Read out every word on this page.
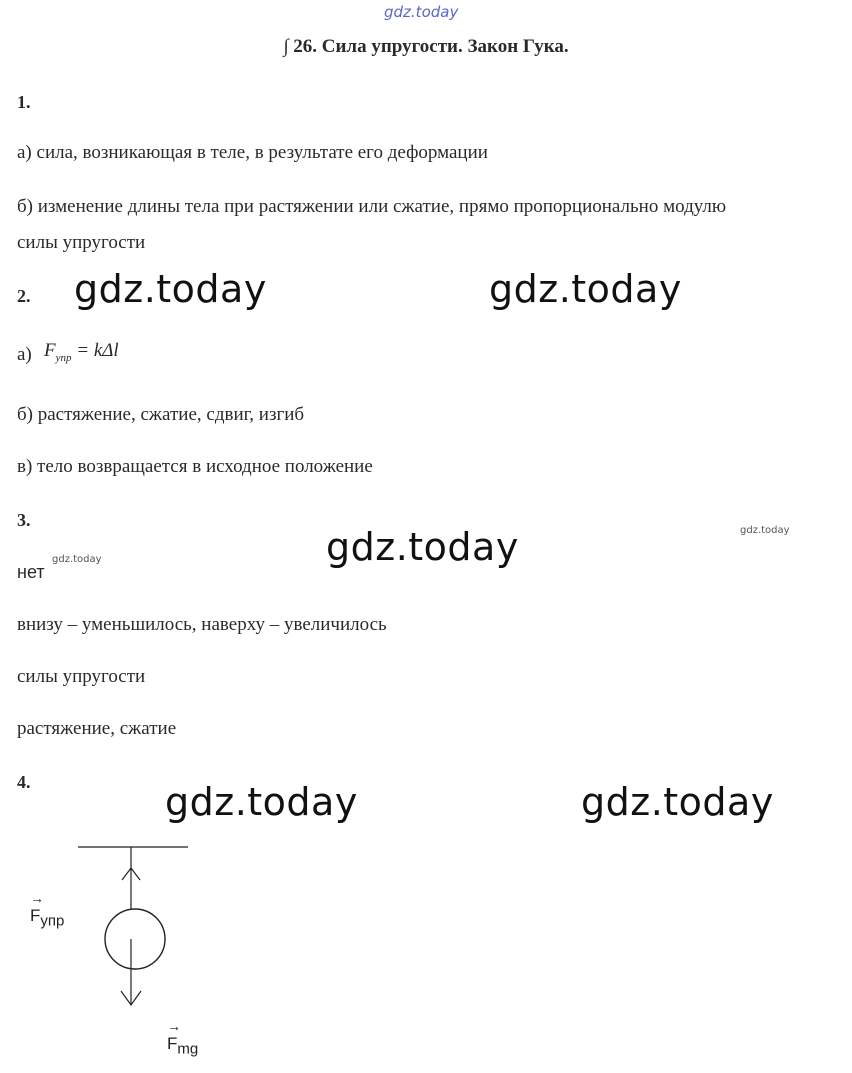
gdz.today
∫ 26. Сила упругости. Закон Гука.
1.
а) сила, возникающая в теле, в результате его деформации
б) изменение длины тела при растяжении или сжатие, прямо пропорционально модулю
силы упругости
2. gdz.today	gdz.today
а) $F_{упр} = k\Delta l$
б) растяжение, сжатие, сдвиг, изгиб
в) тело возвращается в исходное положение
3.
gdz.today	gdz.today
нет
gdz.today
внизу – уменьшилось, наверху – увеличилось
силы упругости
растяжение, сжатие
4.	gdz.today	gdz.today
→
$F_{упр}$
→
$F_{mg}$
